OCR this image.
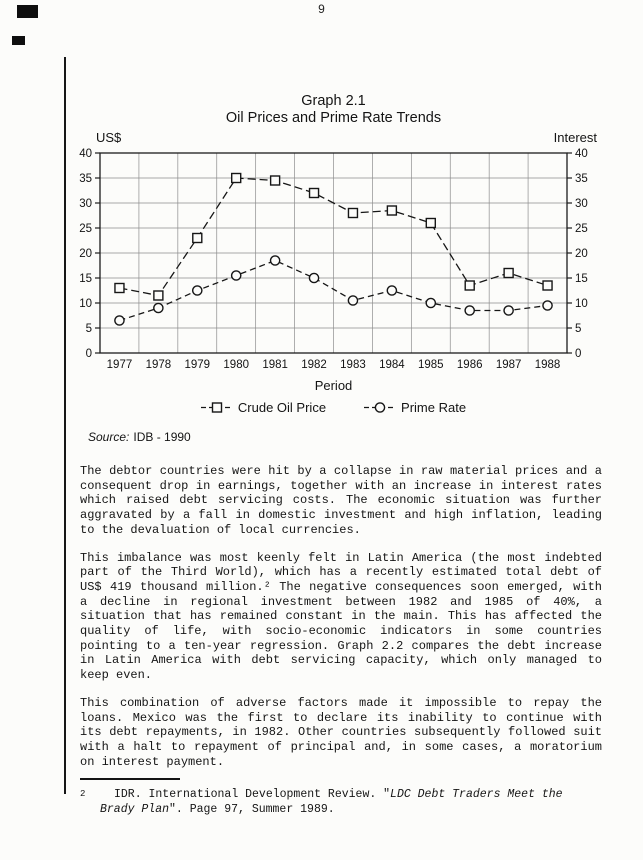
9
Graph 2.1
Oil Prices and Prime Rate Trends
US$	Interest
0	0
5	5
10	10
15	15
20	20
25	25
30	30
35	35
40	40
1977 1978 1979 1980 1981 1982 1983 1984 1985 1986 1987 1988
Period
Crude Oil Price	Prime Rate
Source: IDB - 1990

The debtor countries were hit by a collapse in raw material prices and a consequent drop in earnings, together with an increase in interest rates which raised debt servicing costs. The economic situation was further aggravated by a fall in domestic investment and high inflation, leading to the devaluation of local currencies.

This imbalance was most keenly felt in Latin America (the most indebted part of the Third World), which has a recently estimated total debt of US$ 419 thousand million.² The negative consequences soon emerged, with a decline in regional investment between 1982 and 1985 of 40%, a situation that has remained constant in the main. This has affected the quality of life, with socio-economic indicators in some countries pointing to a ten-year regression. Graph 2.2 compares the debt increase in Latin America with debt servicing capacity, which only managed to keep even.

This combination of adverse factors made it impossible to repay the loans. Mexico was the first to declare its inability to continue with its debt repayments, in 1982. Other countries subsequently followed suit with a halt to repayment of principal and, in some cases, a moratorium on interest payment.

2	IDR. International Development Review. "LDC Debt Traders Meet the Brady Plan". Page 97, Summer 1989.
